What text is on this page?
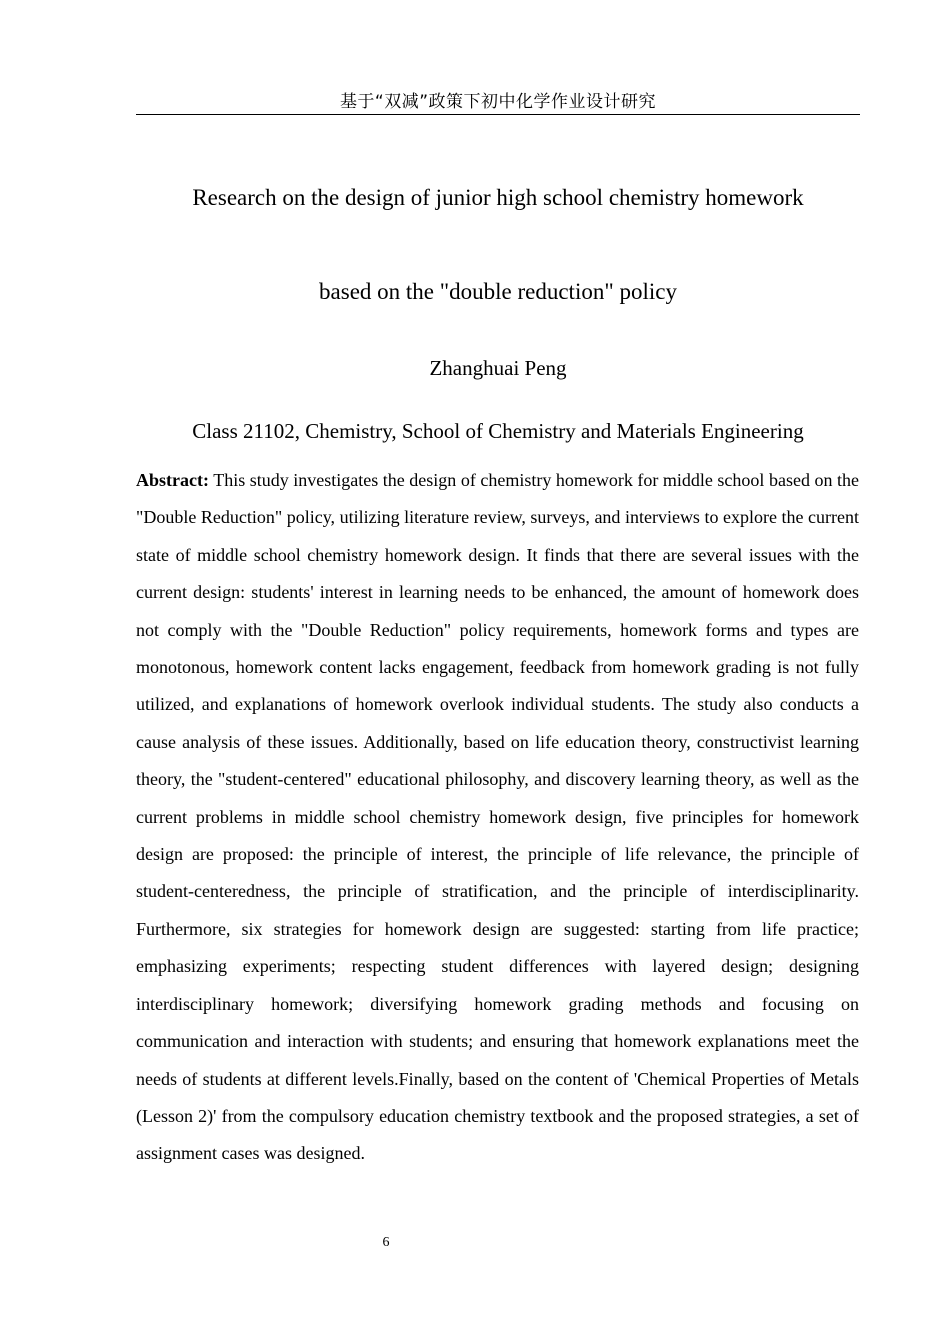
基于“双减”政策下初中化学作业设计研究
Research on the design of junior high school chemistry homework
based on the "double reduction" policy
Zhanghuai Peng
Class 21102, Chemistry, School of Chemistry and Materials Engineering

Abstract: This study investigates the design of chemistry homework for middle school based on the "Double Reduction" policy, utilizing literature review, surveys, and interviews to explore the current state of middle school chemistry homework design. It finds that there are several issues with the current design: students' interest in learning needs to be enhanced, the amount of homework does not comply with the "Double Reduction" policy requirements, homework forms and types are monotonous, homework content lacks engagement, feedback from homework grading is not fully utilized, and explanations of homework overlook individual students. The study also conducts a cause analysis of these issues. Additionally, based on life education theory, constructivist learning theory, the "student-centered" educational philosophy, and discovery learning theory, as well as the current problems in middle school chemistry homework design, five principles for homework design are proposed: the principle of interest, the principle of life relevance, the principle of student-centeredness, the principle of stratification, and the principle of interdisciplinarity. Furthermore, six strategies for homework design are suggested: starting from life practice; emphasizing experiments; respecting student differences with layered design; designing interdisciplinary homework; diversifying homework grading methods and focusing on communication and interaction with students; and ensuring that homework explanations meet the needs of students at different levels.Finally, based on the content of 'Chemical Properties of Metals (Lesson 2)' from the compulsory education chemistry textbook and the proposed strategies, a set of assignment cases was designed.

6
